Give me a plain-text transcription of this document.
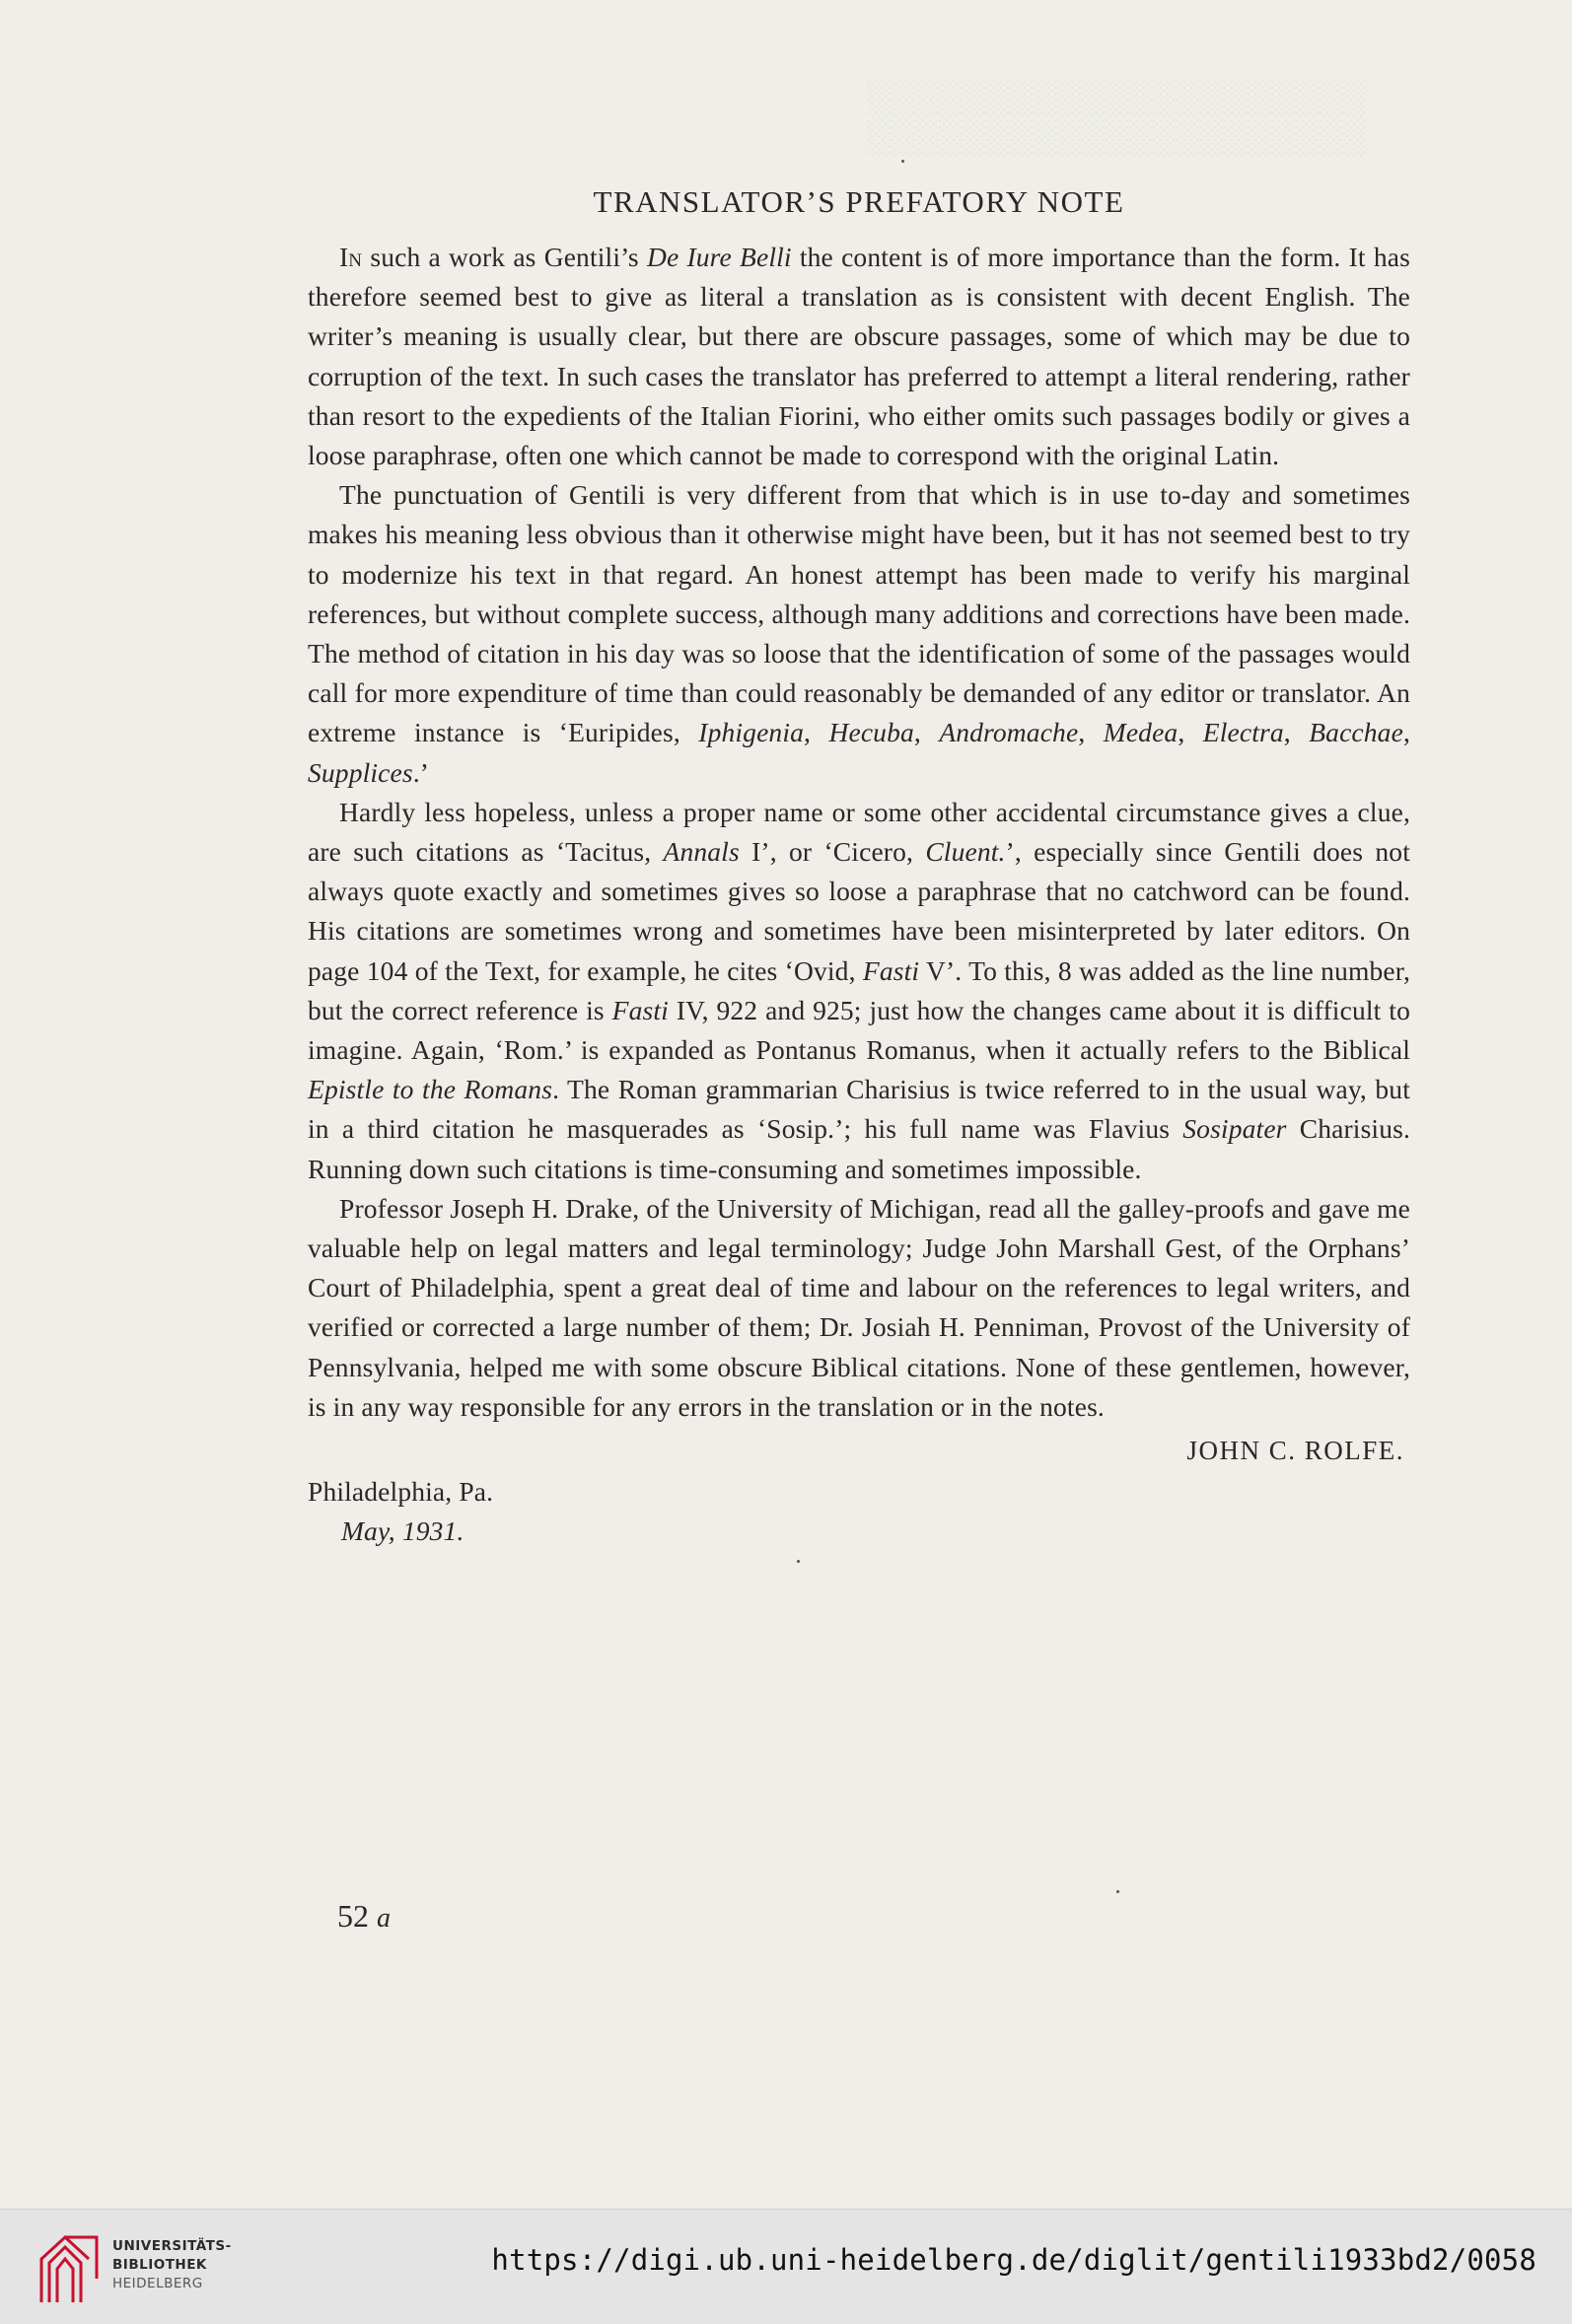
░░░░░░░░░░░░░░░░░░░░░
░░░░░░░░░░░░░░░░░░░░░
TRANSLATOR’S PREFATORY NOTE

In such a work as Gentili’s De Iure Belli the content is of more importance than the form. It has therefore seemed best to give as literal a translation as is consistent with decent English. The writer’s meaning is usually clear, but there are obscure passages, some of which may be due to corruption of the text. In such cases the translator has preferred to attempt a literal rendering, rather than resort to the expedients of the Italian Fiorini, who either omits such passages bodily or gives a loose paraphrase, often one which cannot be made to correspond with the original Latin.

The punctuation of Gentili is very different from that which is in use to-day and sometimes makes his meaning less obvious than it otherwise might have been, but it has not seemed best to try to modernize his text in that regard. An honest attempt has been made to verify his marginal references, but without complete success, although many additions and corrections have been made. The method of citation in his day was so loose that the identification of some of the passages would call for more expenditure of time than could reasonably be demanded of any editor or translator. An extreme instance is ‘Euripides, Iphigenia, Hecuba, Andromache, Medea, Electra, Bacchae, Supplices.’

Hardly less hopeless, unless a proper name or some other accidental circumstance gives a clue, are such citations as ‘Tacitus, Annals I’, or ‘Cicero, Cluent.’, especially since Gentili does not always quote exactly and sometimes gives so loose a paraphrase that no catchword can be found. His citations are sometimes wrong and sometimes have been misinterpreted by later editors. On page 104 of the Text, for example, he cites ‘Ovid, Fasti V’. To this, 8 was added as the line number, but the correct reference is Fasti IV, 922 and 925; just how the changes came about it is difficult to imagine. Again, ‘Rom.’ is expanded as Pontanus Romanus, when it actually refers to the Biblical Epistle to the Romans. The Roman grammarian Charisius is twice referred to in the usual way, but in a third citation he masquerades as ‘Sosip.’; his full name was Flavius Sosipater Charisius. Running down such citations is time-consuming and sometimes impossible.

Professor Joseph H. Drake, of the University of Michigan, read all the galley-proofs and gave me valuable help on legal matters and legal terminology; Judge John Marshall Gest, of the Orphans’ Court of Philadelphia, spent a great deal of time and labour on the references to legal writers, and verified or corrected a large number of them; Dr. Josiah H. Penniman, Provost of the University of Pennsylvania, helped me with some obscure Biblical citations. None of these gentlemen, however, is in any way responsible for any errors in the translation or in the notes.

JOHN C. ROLFE.
Philadelphia, Pa.
May, 1931.
52 a
UNIVERSITÄTS-
BIBLIOTHEK
HEIDELBERG
https://digi.ub.uni-heidelberg.de/diglit/gentili1933bd2/0058
